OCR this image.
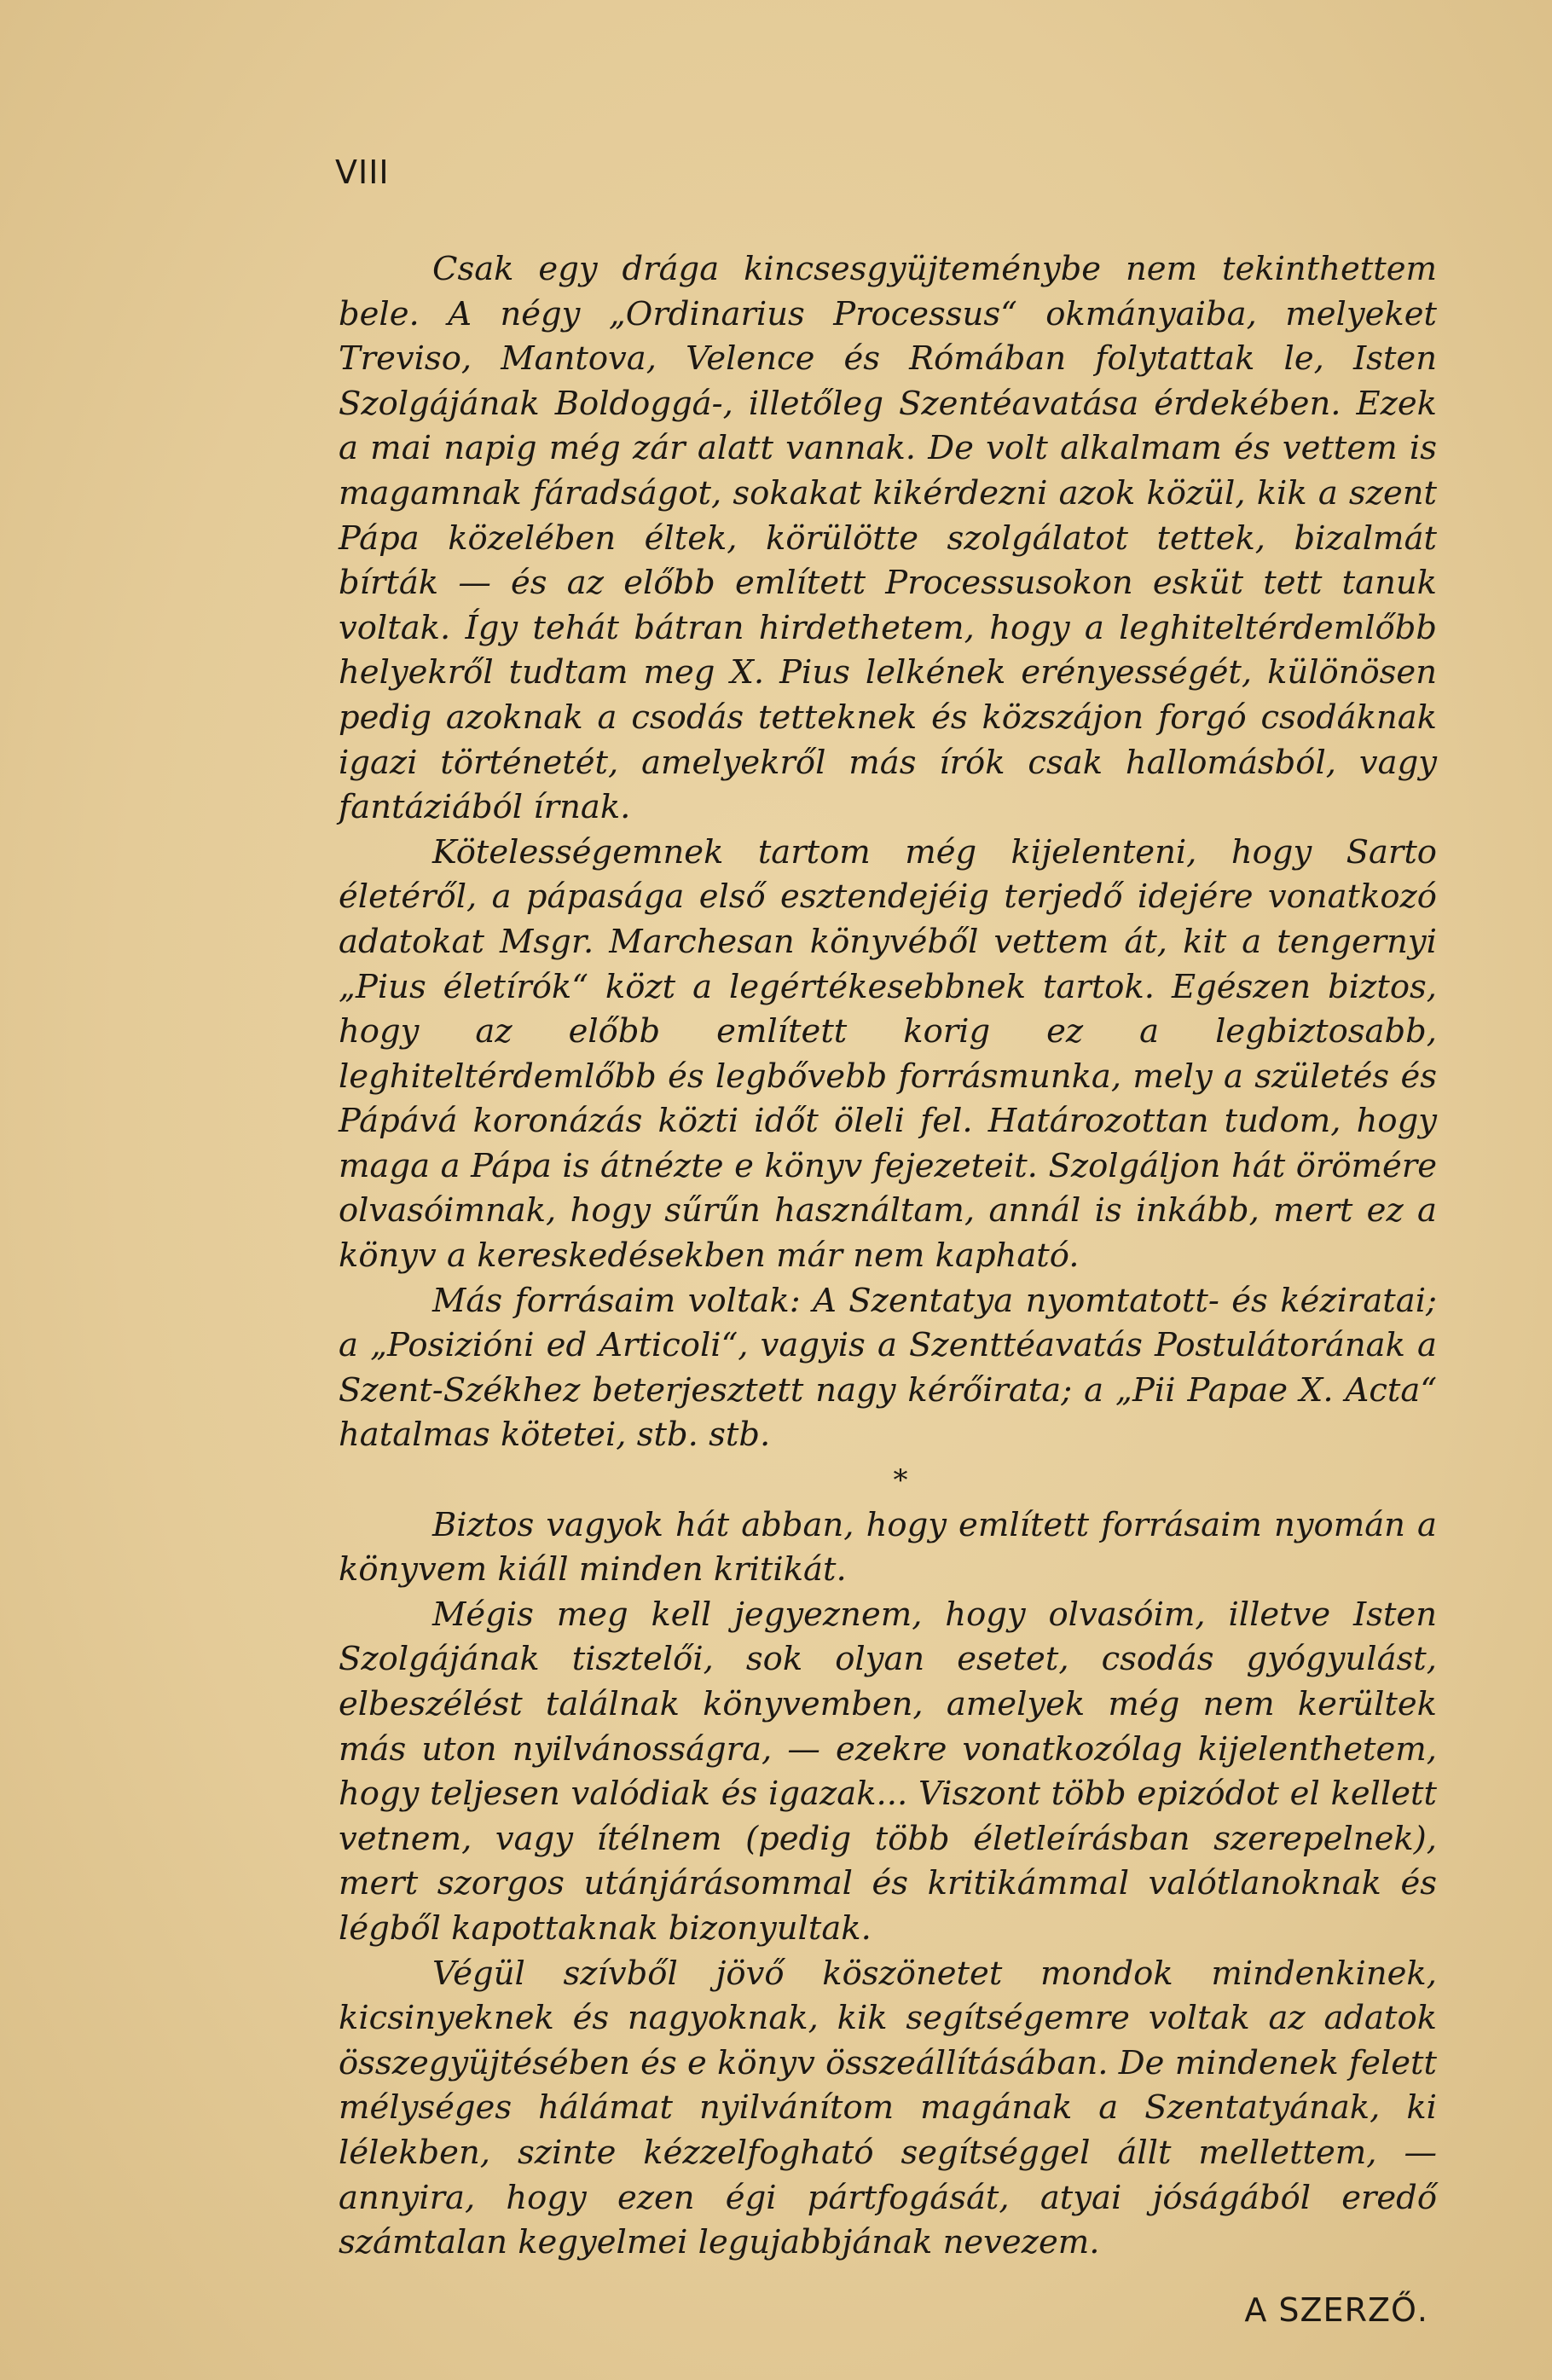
VIII

Csak egy drága kincsesgyüjteménybe nem tekinthettem bele. A négy „Ordinarius Processus“ okmányaiba, melyeket Treviso, Mantova, Velence és Rómában folytattak le, Isten Szolgájának Boldoggá-, illetőleg Szentéavatása érdekében. Ezek a mai napig még zár alatt vannak. De volt alkalmam és vettem is magamnak fáradságot, sokakat kikérdezni azok közül, kik a szent Pápa közelében éltek, körülötte szolgálatot tettek, bizalmát bírták — és az előbb említett Processusokon esküt tett tanuk voltak. Így tehát bátran hirdethetem, hogy a leghiteltérdemlőbb helyekről tudtam meg X. Pius lelkének erényességét, különösen pedig azoknak a csodás tetteknek és közszájon forgó csodáknak igazi történetét, amelyekről más írók csak hallomásból, vagy fantáziából írnak.

Kötelességemnek tartom még kijelenteni, hogy Sarto életéről, a pápasága első esztendejéig terjedő idejére vonatkozó adatokat Msgr. Marchesan könyvéből vettem át, kit a tengernyi „Pius életírók“ közt a legértékesebbnek tartok. Egészen biztos, hogy az előbb említett korig ez a legbiztosabb, leghiteltérdemlőbb és legbővebb forrásmunka, mely a születés és Pápává koronázás közti időt öleli fel. Határozottan tudom, hogy maga a Pápa is átnézte e könyv fejezeteit. Szolgáljon hát örömére olvasóimnak, hogy sűrűn használtam, annál is inkább, mert ez a könyv a kereskedésekben már nem kapható.

Más forrásaim voltak: A Szentatya nyomtatott- és kéziratai; a „Posizióni ed Articoli“, vagyis a Szenttéavatás Postulátorának a Szent-Székhez beterjesztett nagy kérőirata; a „Pii Papae X. Acta“ hatalmas kötetei, stb. stb.

*

Biztos vagyok hát abban, hogy említett forrásaim nyomán a könyvem kiáll minden kritikát.

Mégis meg kell jegyeznem, hogy olvasóim, illetve Isten Szolgájának tisztelői, sok olyan esetet, csodás gyógyulást, elbeszélést találnak könyvemben, amelyek még nem kerültek más uton nyilvánosságra, — ezekre vonatkozólag kijelenthetem, hogy teljesen valódiak és igazak... Viszont több epizódot el kellett vetnem, vagy ítélnem (pedig több életleírásban szerepelnek), mert szorgos utánjárásommal és kritikámmal valótlanoknak és légből kapottaknak bizonyultak.

Végül szívből jövő köszönetet mondok mindenkinek, kicsinyeknek és nagyoknak, kik segítségemre voltak az adatok összegyüjtésében és e könyv összeállításában. De mindenek felett mélységes hálámat nyilvánítom magának a Szentatyának, ki lélekben, szinte kézzelfogható segítséggel állt mellettem, — annyira, hogy ezen égi pártfogását, atyai jóságából eredő számtalan kegyelmei legujabbjának nevezem.

A SZERZŐ.
